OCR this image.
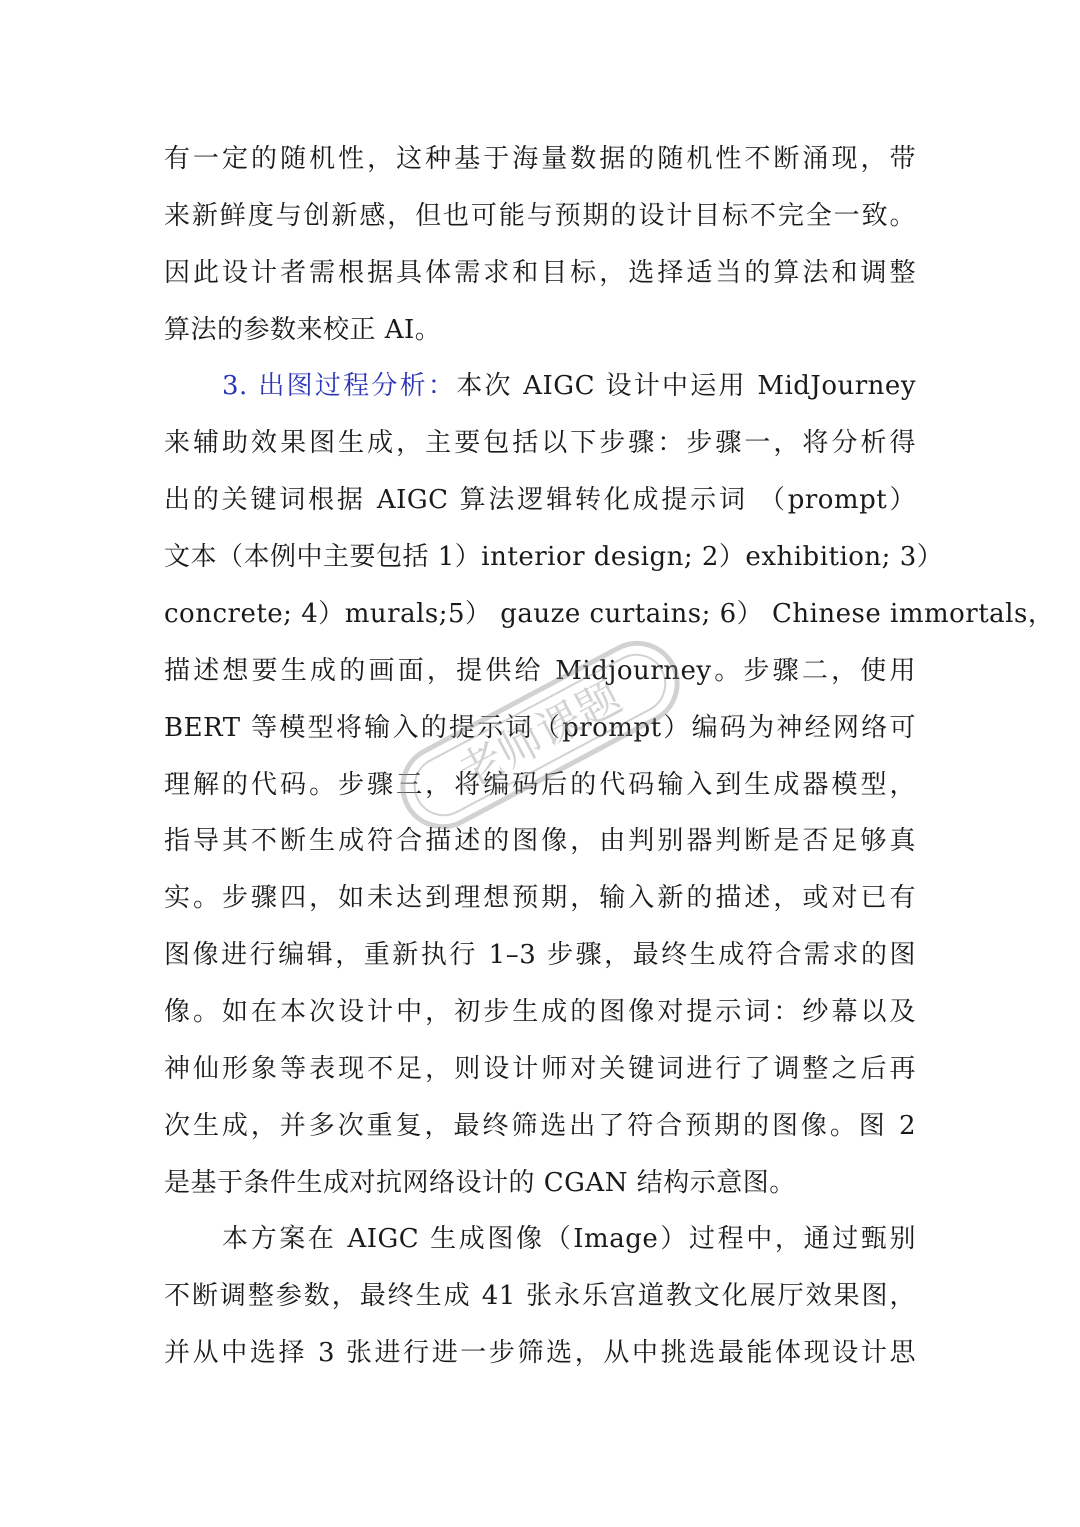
有一定的随机性，这种基于海量数据的随机性不断涌现，带
来新鲜度与创新感，但也可能与预期的设计目标不完全一致。
因此设计者需根据具体需求和目标，选择适当的算法和调整
算法的参数来校正 AI。
3. 出图过程分析：本次 AIGC 设计中运用 MidJourney
来辅助效果图生成，主要包括以下步骤：步骤一，将分析得
出的关键词根据 AIGC 算法逻辑转化成提示词 （prompt）
文本（本例中主要包括 1）interior design; 2）exhibition; 3）
concrete; 4）murals;5） gauze curtains; 6） Chinese immortals，
描述想要生成的画面，提供给 Midjourney。步骤二，使用
BERT 等模型将输入的提示词（prompt）编码为神经网络可
理解的代码。步骤三，将编码后的代码输入到生成器模型，
指导其不断生成符合描述的图像，由判别器判断是否足够真
实。步骤四，如未达到理想预期，输入新的描述，或对已有
图像进行编辑，重新执行 1–3 步骤，最终生成符合需求的图
像。如在本次设计中，初步生成的图像对提示词：纱幕以及
神仙形象等表现不足，则设计师对关键词进行了调整之后再
次生成，并多次重复，最终筛选出了符合预期的图像。图 2
是基于条件生成对抗网络设计的 CGAN 结构示意图。
本方案在 AIGC 生成图像（Image）过程中，通过甄别
不断调整参数，最终生成 41 张永乐宫道教文化展厅效果图，
并从中选择 3 张进行进一步筛选，从中挑选最能体现设计思
老师课题
